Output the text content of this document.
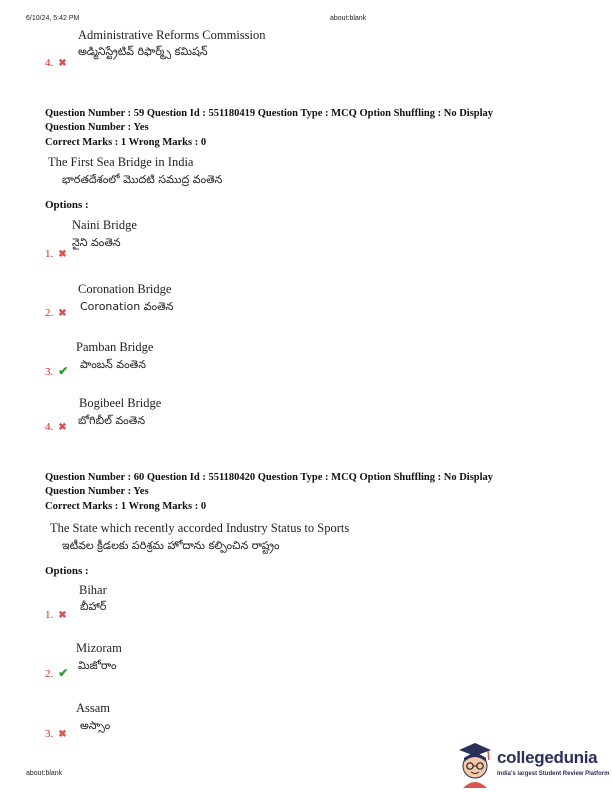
6/10/24, 5:42 PM	about:blank
about:blank
Administrative Reforms Commission
అడ్మినిస్ట్రేటివ్ రిఫార్మ్స్ కమిషన్
4. ✖
Question Number : 59 Question Id : 551180419 Question Type : MCQ Option Shuffling : No Display
Question Number : Yes
Correct Marks : 1 Wrong Marks : 0
The First Sea Bridge in India
భారతదేశంలో మొదటి సముద్ర వంతెన
Options :
Naini Bridge
నైని వంతెన
1. ✖
Coronation Bridge
Coronation వంతెన
2. ✖
Pamban Bridge
పాంబన్ వంతెన
3. ✔
Bogibeel Bridge
బోగిబీల్ వంతెన
4. ✖
Question Number : 60 Question Id : 551180420 Question Type : MCQ Option Shuffling : No Display
Question Number : Yes
Correct Marks : 1 Wrong Marks : 0
The State which recently accorded Industry Status to Sports
ఇటీవల క్రీడలకు పరిశ్రమ హోదాను కల్పించిన రాష్ట్రం
Options :
Bihar
బీహార్
1. ✖
Mizoram
మిజోరాం
2. ✔
Assam
అస్సాం
3. ✖
collegedunia
India's largest Student Review Platform
